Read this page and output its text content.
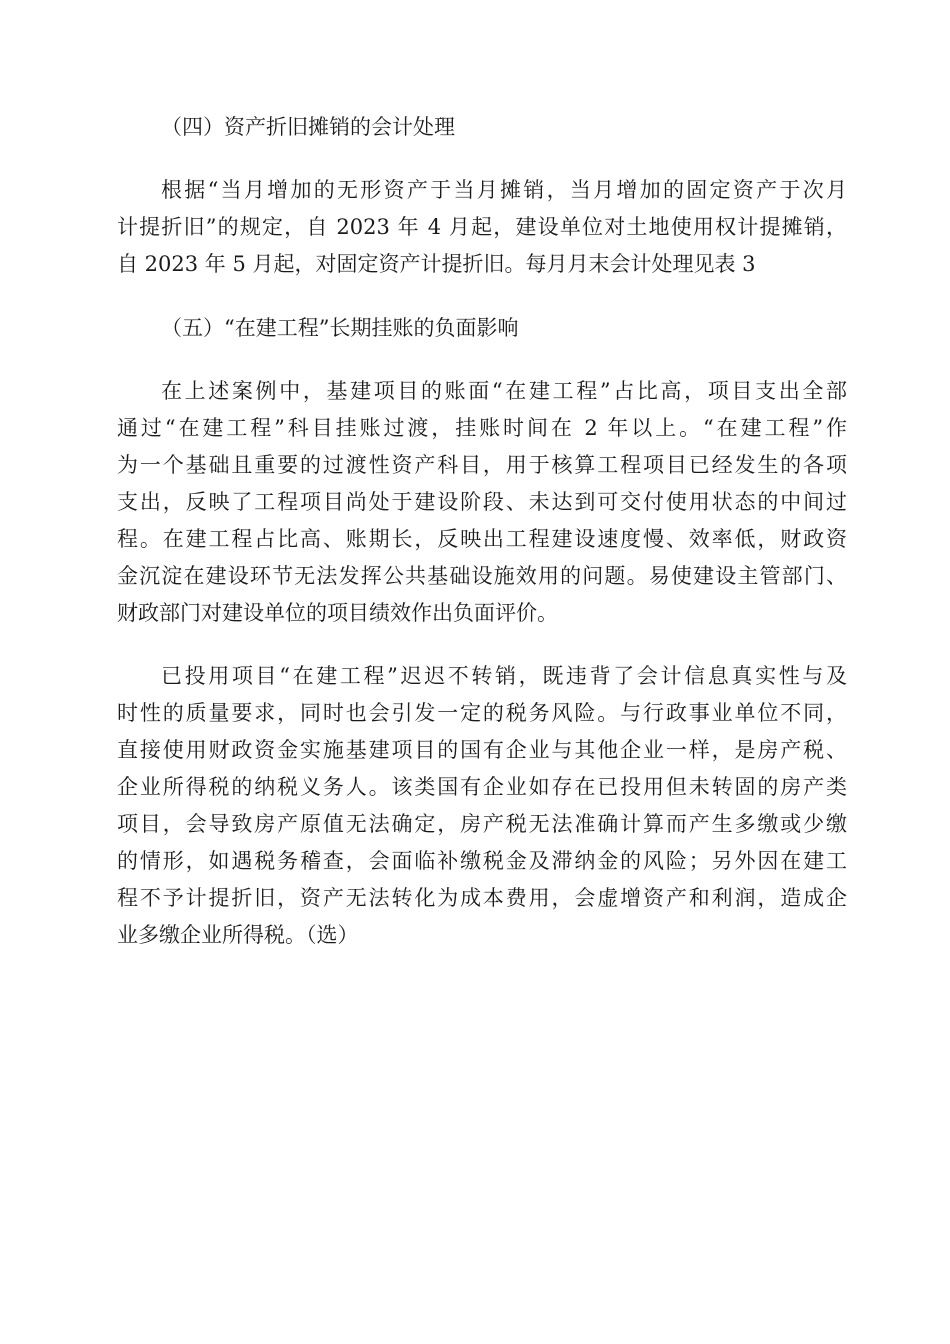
（四）资产折旧摊销的会计处理
根据“当月增加的无形资产于当月摊销，当月增加的固定资产于次月
计提折旧”的规定，自 2023 年 4 月起，建设单位对土地使用权计提摊销，
自 2023 年 5 月起，对固定资产计提折旧。每月月末会计处理见表 3
（五）“在建工程”长期挂账的负面影响
在上述案例中，基建项目的账面“在建工程”占比高，项目支出全部
通过“在建工程”科目挂账过渡，挂账时间在 2 年以上。“在建工程”作
为一个基础且重要的过渡性资产科目，用于核算工程项目已经发生的各项
支出，反映了工程项目尚处于建设阶段、未达到可交付使用状态的中间过
程。在建工程占比高、账期长，反映出工程建设速度慢、效率低，财政资
金沉淀在建设环节无法发挥公共基础设施效用的问题。易使建设主管部门、
财政部门对建设单位的项目绩效作出负面评价。
已投用项目“在建工程”迟迟不转销，既违背了会计信息真实性与及
时性的质量要求，同时也会引发一定的税务风险。与行政事业单位不同，
直接使用财政资金实施基建项目的国有企业与其他企业一样，是房产税、
企业所得税的纳税义务人。该类国有企业如存在已投用但未转固的房产类
项目，会导致房产原值无法确定，房产税无法准确计算而产生多缴或少缴
的情形，如遇税务稽查，会面临补缴税金及滞纳金的风险；另外因在建工
程不予计提折旧，资产无法转化为成本费用，会虚增资产和利润，造成企
业多缴企业所得税。（选）
